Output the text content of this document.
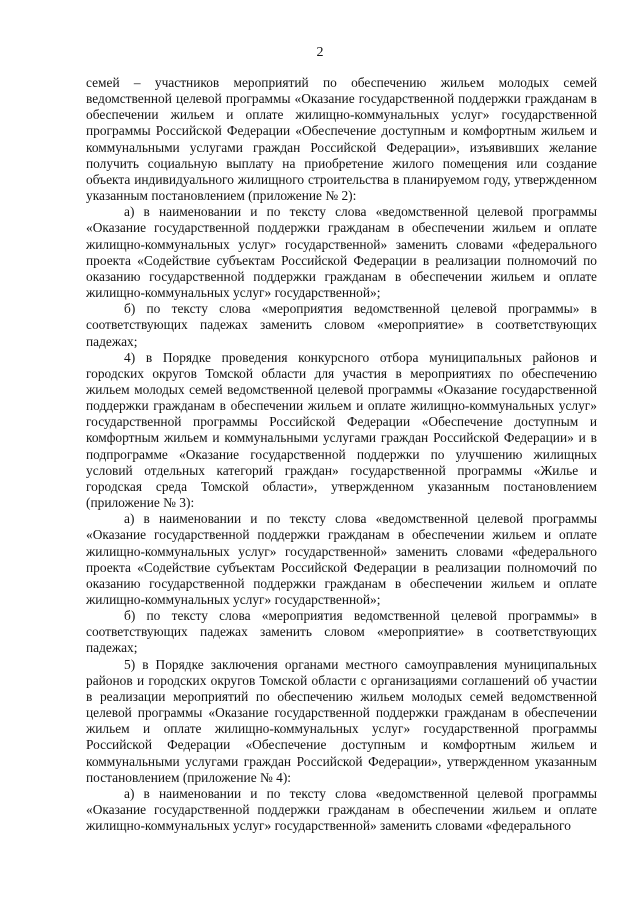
2

семей – участников мероприятий по обеспечению жильем молодых семей ведомственной целевой программы «Оказание государственной поддержки гражданам в обеспечении жильем и оплате жилищно-коммунальных услуг» государственной программы Российской Федерации «Обеспечение доступным и комфортным жильем и коммунальными услугами граждан Российской Федерации», изъявивших желание получить социальную выплату на приобретение жилого помещения или создание объекта индивидуального жилищного строительства в планируемом году, утвержденном указанным постановлением (приложение № 2):

а) в наименовании и по тексту слова «ведомственной целевой программы «Оказание государственной поддержки гражданам в обеспечении жильем и оплате жилищно-коммунальных услуг» государственной» заменить словами «федерального проекта «Содействие субъектам Российской Федерации в реализации полномочий по оказанию государственной поддержки гражданам в обеспечении жильем и оплате жилищно-коммунальных услуг» государственной»;

б) по тексту слова «мероприятия ведомственной целевой программы» в соответствующих падежах заменить словом «мероприятие» в соответствующих падежах;

4) в Порядке проведения конкурсного отбора муниципальных районов и городских округов Томской области для участия в мероприятиях по обеспечению жильем молодых семей ведомственной целевой программы «Оказание государственной поддержки гражданам в обеспечении жильем и оплате жилищно-коммунальных услуг» государственной программы Российской Федерации «Обеспечение доступным и комфортным жильем и коммунальными услугами граждан Российской Федерации» и в подпрограмме «Оказание государственной поддержки по улучшению жилищных условий отдельных категорий граждан» государственной программы «Жилье и городская среда Томской области», утвержденном указанным постановлением (приложение № 3):

а) в наименовании и по тексту слова «ведомственной целевой программы «Оказание государственной поддержки гражданам в обеспечении жильем и оплате жилищно-коммунальных услуг» государственной» заменить словами «федерального проекта «Содействие субъектам Российской Федерации в реализации полномочий по оказанию государственной поддержки гражданам в обеспечении жильем и оплате жилищно-коммунальных услуг» государственной»;

б) по тексту слова «мероприятия ведомственной целевой программы» в соответствующих падежах заменить словом «мероприятие» в соответствующих падежах;

5) в Порядке заключения органами местного самоуправления муниципальных районов и городских округов Томской области с организациями соглашений об участии в реализации мероприятий по обеспечению жильем молодых семей ведомственной целевой программы «Оказание государственной поддержки гражданам в обеспечении жильем и оплате жилищно-коммунальных услуг» государственной программы Российской Федерации «Обеспечение доступным и комфортным жильем и коммунальными услугами граждан Российской Федерации», утвержденном указанным постановлением (приложение № 4):

а) в наименовании и по тексту слова «ведомственной целевой программы «Оказание государственной поддержки гражданам в обеспечении жильем и оплате жилищно-коммунальных услуг» государственной» заменить словами «федерального
